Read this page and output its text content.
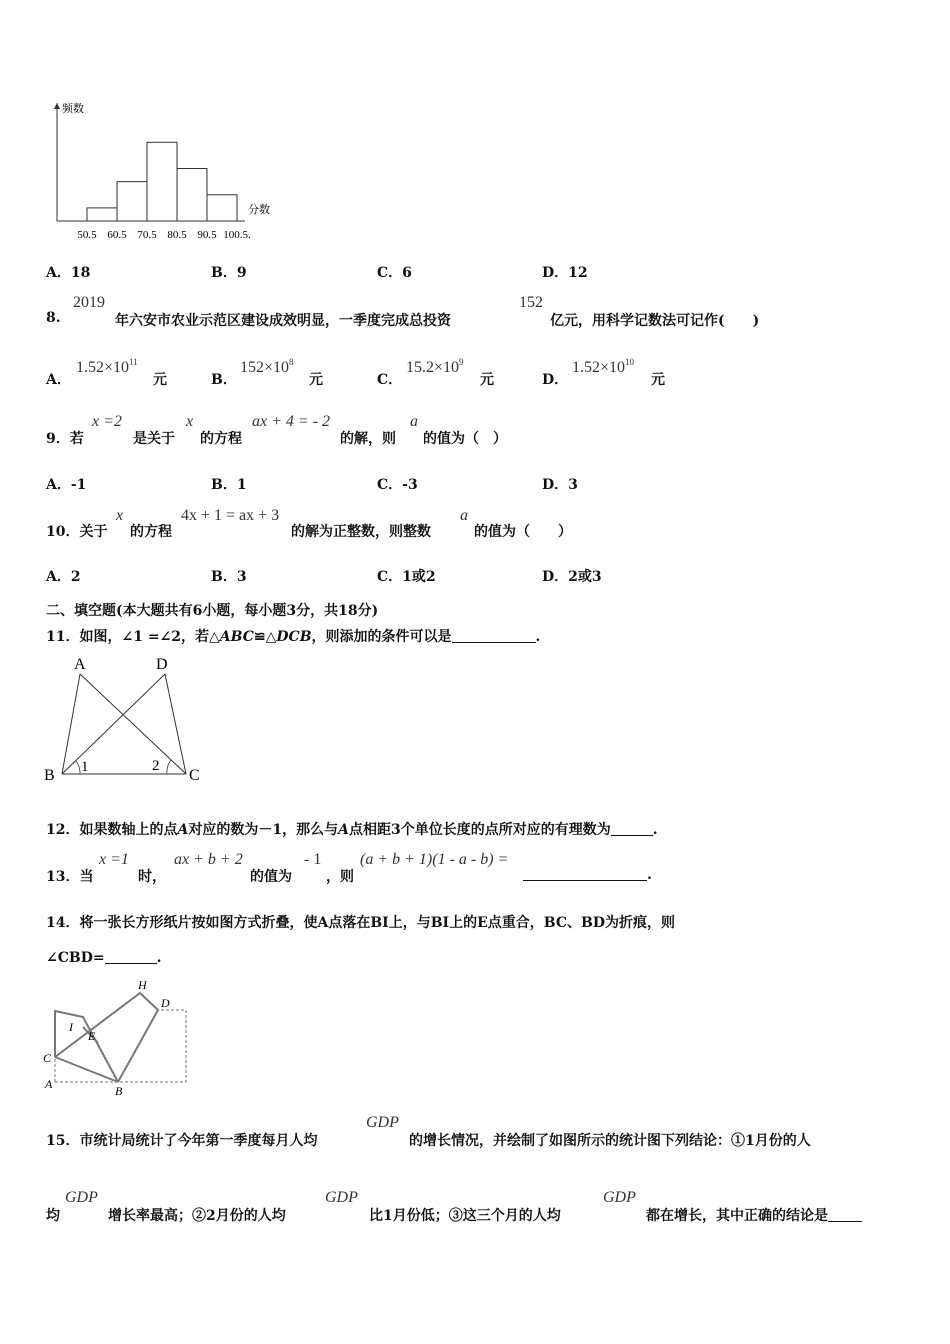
50.5 60.5 70.5 80.5 90.5 100.5.
频数
分数
A．18	B．9	C．6	D．12
8.
2019
年六安市农业示范区建设成效明显，一季度完成总投资
152
亿元，用科学记数法可记作(　　)
A．
$1.52\times 10^{11}$
元	B．
$152\times 10^8$
元	C．
$15.2\times 10^9$
元	D．
$1.52\times 10^{10}$
元
9．若
x =2
是关于
x
的方程
ax + 4 = - 2
的解，则
a
的值为（　）
A．-1	B．1	C．-3	D．3
10．关于
x
的方程
4x + 1 = ax + 3
的解为正整数，则整数
a
的值为（　　）
A．2	B．3	C．1或2	D．2或3
二、填空题(本大题共有6小题，每小题3分，共18分)
11．如图，∠1 =∠2，若△ABC≌△DCB，则添加的条件可以是	.
A	D
B	C
1	2
12．如果数轴上的点A对应的数为－1，那么与A点相距3个单位长度的点所对应的有理数为	.
13．当
x =1
时，
ax + b + 2
的值为
- 1
，则
(a + b + 1)(1 - a - b) =
.
14．将一张长方形纸片按如图方式折叠，使A点落在BI上，与BI上的E点重合，BC、BD为折痕，则
∠CBD=	.
H
D
I
E
C
A	B
15．市统计局统计了今年第一季度每月人均
GDP
的增长情况，并绘制了如图所示的统计图下列结论：①1月份的人
均
GDP
增长率最高；②2月份的人均
GDP
比1月份低；③这三个月的人均
GDP
都在增长，其中正确的结论是
